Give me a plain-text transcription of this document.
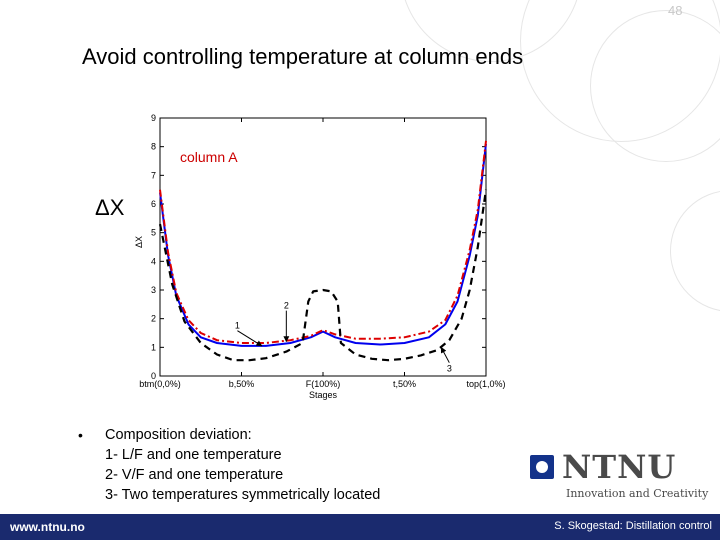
48
Avoid controlling temperature at column ends
ΔX
0
1
2
3
4
5
6
7
8
9
btm(0,0%)	b,50%	F(100%)	t,50%	top(1,0%)
Stages
ΔX
column A
1
2
3
• Composition deviation:
1- L/F and one temperature
2- V/F and one temperature
3- Two temperatures symmetrically located
NTNU
Innovation and Creativity
www.ntnu.no	S. Skogestad: Distillation control
